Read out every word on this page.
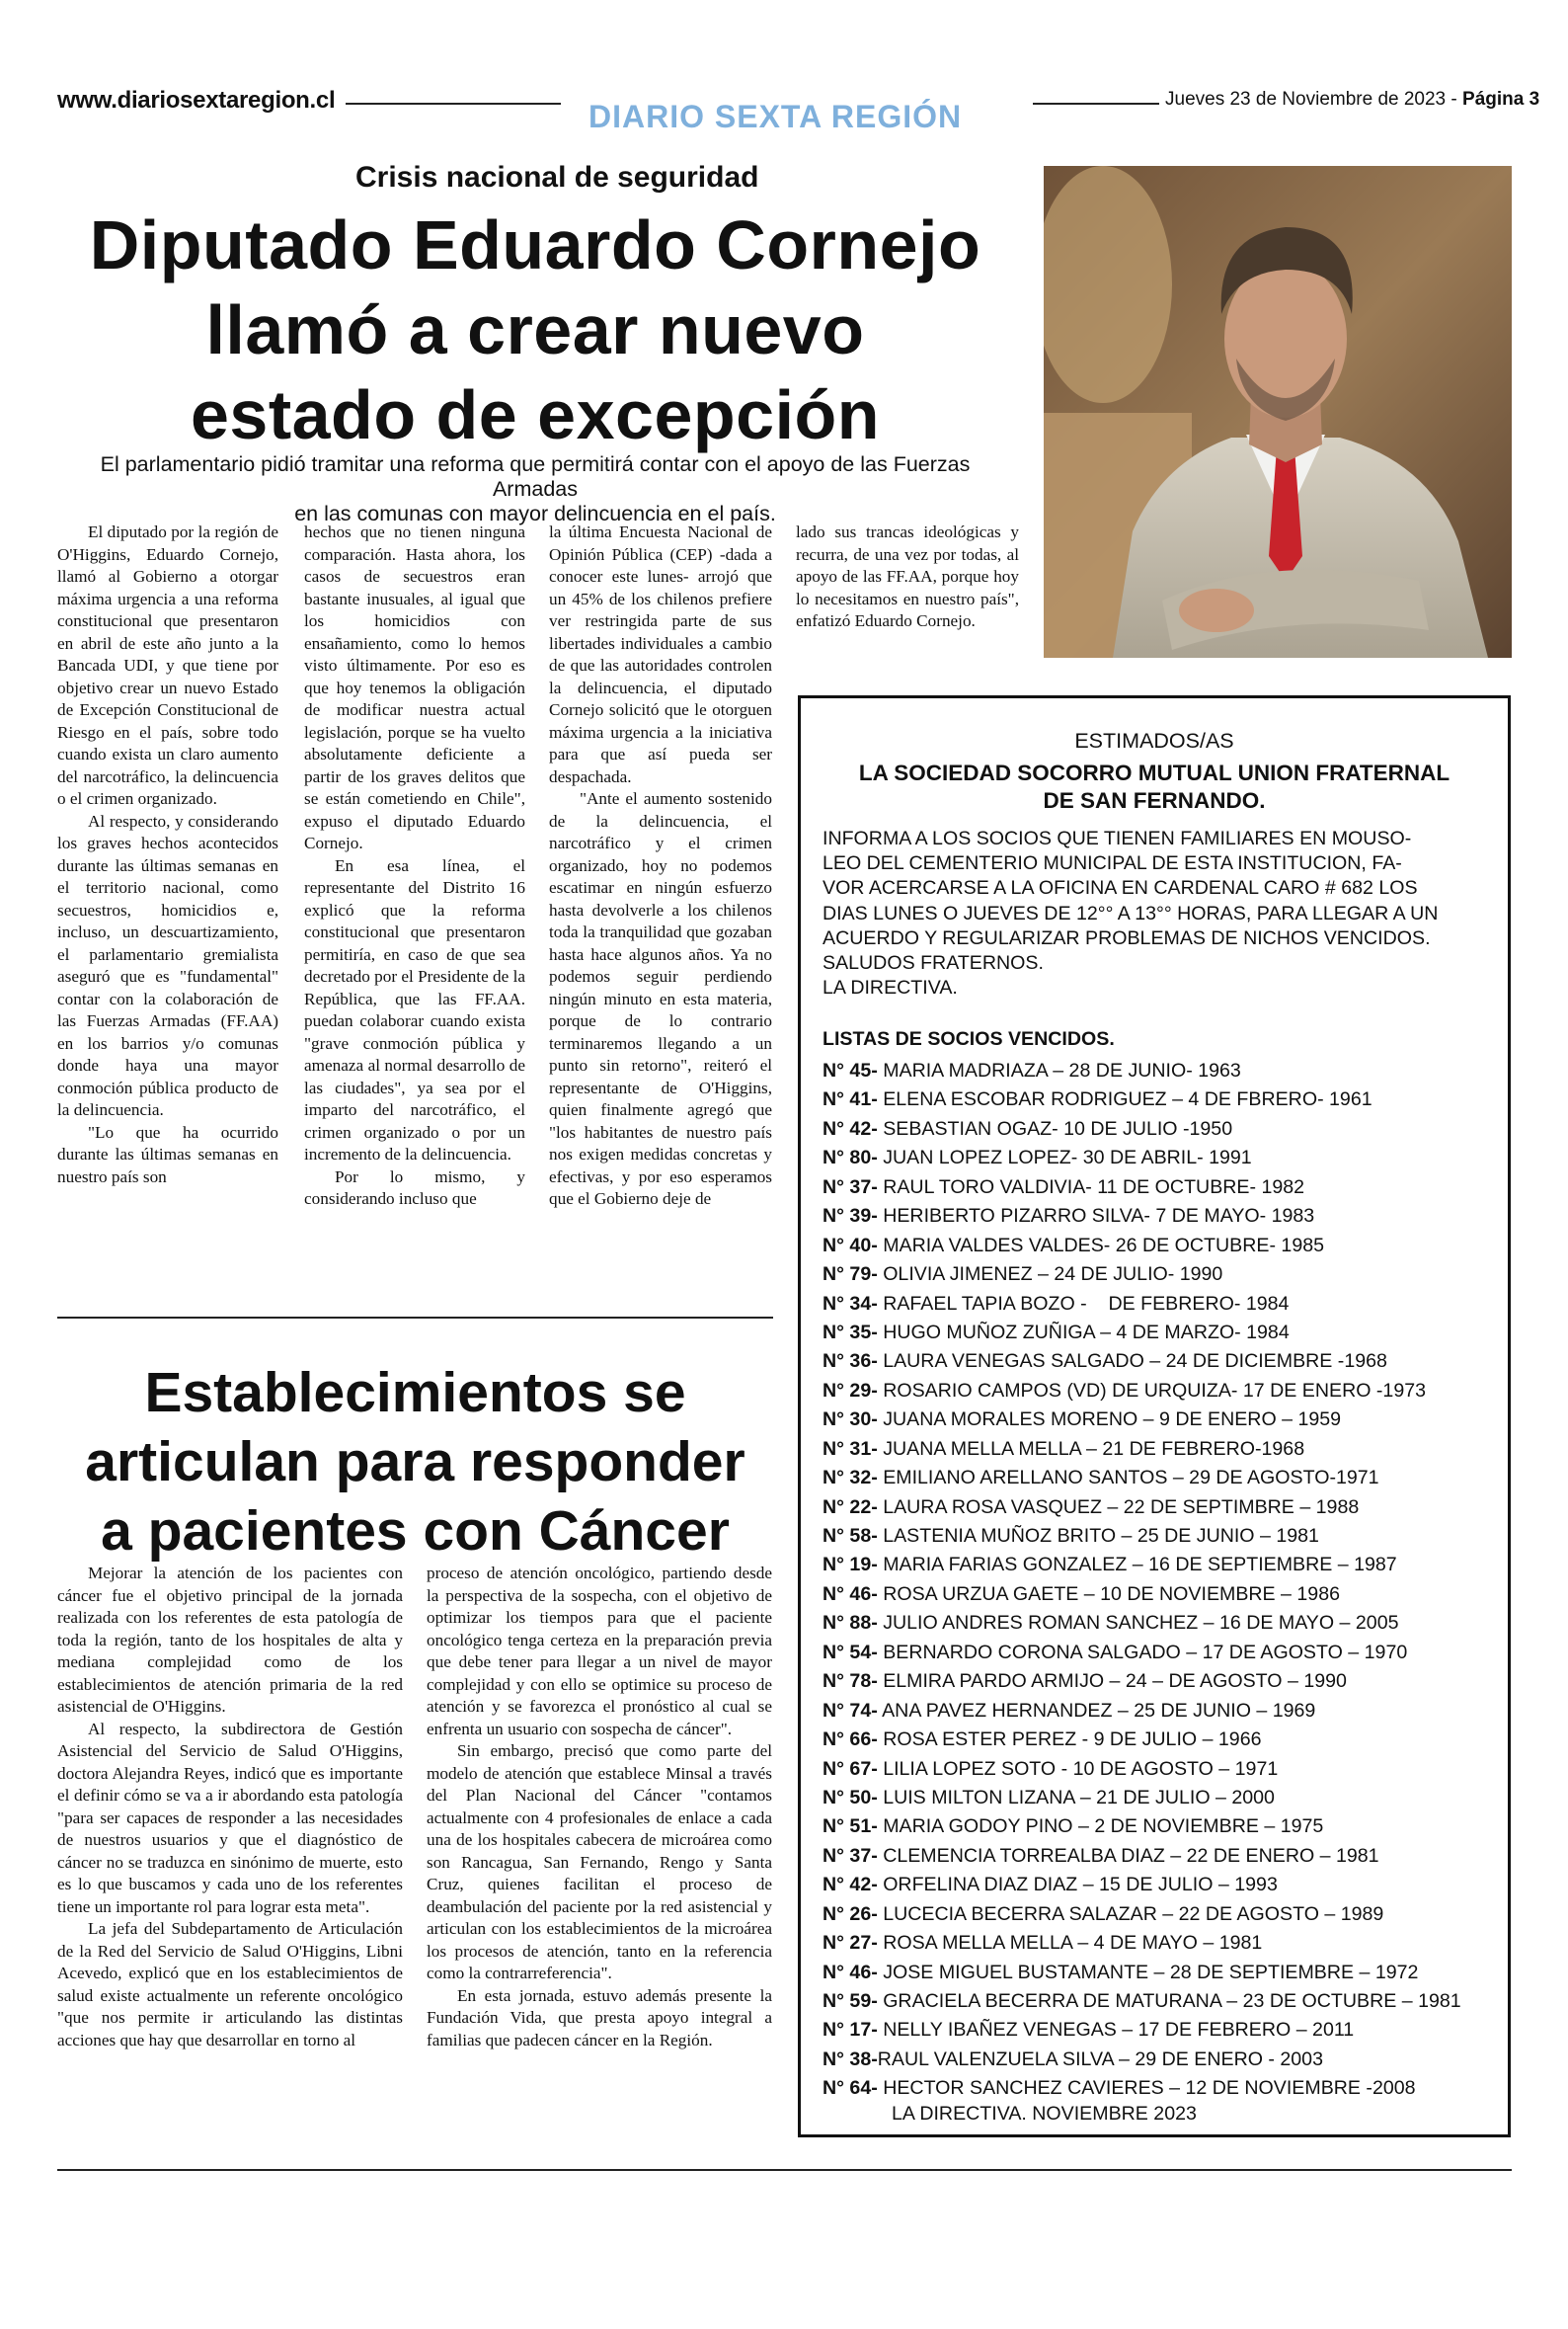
www.diariosextaregion.cl	DIARIO SEXTA REGIÓN	Jueves 23 de Noviembre de 2023 - Página 3
Crisis nacional de seguridad
Diputado Eduardo Cornejo
llamó a crear nuevo
estado de excepción
El parlamentario pidió tramitar una reforma que permitirá contar con el apoyo de las Fuerzas Armadas
en las comunas con mayor delincuencia en el país.

El diputado por la región de O'Higgins, Eduardo Cornejo, llamó al Gobierno a otorgar máxima urgencia a una reforma constitucional que presentaron en abril de este año junto a la Bancada UDI, y que tiene por objetivo crear un nuevo Estado de Excepción Constitucional de Riesgo en el país, sobre todo cuando exista un claro aumento del narcotráfico, la delincuencia o el crimen organizado.

Al respecto, y considerando los graves hechos acontecidos durante las últimas semanas en el territorio nacional, como secuestros, homicidios e, incluso, un descuartizamiento, el parlamentario gremialista aseguró que es "fundamental" contar con la colaboración de las Fuerzas Armadas (FF.AA) en los barrios y/o comunas donde haya una mayor conmoción pública producto de la delincuencia.

"Lo que ha ocurrido durante las últimas semanas en nuestro país son

hechos que no tienen ninguna comparación. Hasta ahora, los casos de secuestros eran bastante inusuales, al igual que los homicidios con ensañamiento, como lo hemos visto últimamente. Por eso es que hoy tenemos la obligación de modificar nuestra actual legislación, porque se ha vuelto absolutamente deficiente a partir de los graves delitos que se están cometiendo en Chile", expuso el diputado Eduardo Cornejo.

En esa línea, el representante del Distrito 16 explicó que la reforma constitucional que presentaron permitiría, en caso de que sea decretado por el Presidente de la República, que las FF.AA. puedan colaborar cuando exista "grave conmoción pública y amenaza al normal desarrollo de las ciudades", ya sea por el imparto del narcotráfico, el crimen organizado o por un incremento de la delincuencia.

Por lo mismo, y considerando incluso que

la última Encuesta Nacional de Opinión Pública (CEP) -dada a conocer este lunes- arrojó que un 45% de los chilenos prefiere ver restringida parte de sus libertades individuales a cambio de que las autoridades controlen la delincuencia, el diputado Cornejo solicitó que le otorguen máxima urgencia a la iniciativa para que así pueda ser despachada.

"Ante el aumento sostenido de la delincuencia, el narcotráfico y el crimen organizado, hoy no podemos escatimar en ningún esfuerzo hasta devolverle a los chilenos toda la tranquilidad que gozaban hasta hace algunos años. Ya no podemos seguir perdiendo ningún minuto en esta materia, porque de lo contrario terminaremos llegando a un punto sin retorno", reiteró el representante de O'Higgins, quien finalmente agregó que "los habitantes de nuestro país nos exigen medidas concretas y efectivas, y por eso esperamos que el Gobierno deje de

lado sus trancas ideológicas y recurra, de una vez por todas, al apoyo de las FF.AA, porque hoy lo necesitamos en nuestro país", enfatizó Eduardo Cornejo.

Establecimientos se
articulan para responder
a pacientes con Cáncer

Mejorar la atención de los pacientes con cáncer fue el objetivo principal de la jornada realizada con los referentes de esta patología de toda la región, tanto de los hospitales de alta y mediana complejidad como de los establecimientos de atención primaria de la red asistencial de O'Higgins.

Al respecto, la subdirectora de Gestión Asistencial del Servicio de Salud O'Higgins, doctora Alejandra Reyes, indicó que es importante el definir cómo se va a ir abordando esta patología "para ser capaces de responder a las necesidades de nuestros usuarios y que el diagnóstico de cáncer no se traduzca en sinónimo de muerte, esto es lo que buscamos y cada uno de los referentes tiene un importante rol para lograr esta meta".

La jefa del Subdepartamento de Articulación de la Red del Servicio de Salud O'Higgins, Libni Acevedo, explicó que en los establecimientos de salud existe actualmente un referente oncológico "que nos permite ir articulando las distintas acciones que hay que desarrollar en torno al

proceso de atención oncológico, partiendo desde la perspectiva de la sospecha, con el objetivo de optimizar los tiempos para que el paciente oncológico tenga certeza en la preparación previa que debe tener para llegar a un nivel de mayor complejidad y con ello se optimice su proceso de atención y se favorezca el pronóstico al cual se enfrenta un usuario con sospecha de cáncer".

Sin embargo, precisó que como parte del modelo de atención que establece Minsal a través del Plan Nacional del Cáncer "contamos actualmente con 4 profesionales de enlace a cada una de los hospitales cabecera de microárea como son Rancagua, San Fernando, Rengo y Santa Cruz, quienes facilitan el proceso de deambulación del paciente por la red asistencial y articulan con los establecimientos de la microárea los procesos de atención, tanto en la referencia como la contrarreferencia".

En esta jornada, estuvo además presente la Fundación Vida, que presta apoyo integral a familias que padecen cáncer en la Región.

ESTIMADOS/AS
LA SOCIEDAD SOCORRO MUTUAL UNION FRATERNAL
DE SAN FERNANDO.
INFORMA A LOS SOCIOS QUE TIENEN FAMILIARES EN MOUSO-
LEO DEL CEMENTERIO MUNICIPAL DE ESTA INSTITUCION, FA-
VOR ACERCARSE A LA OFICINA EN CARDENAL CARO # 682 LOS
DIAS LUNES O JUEVES DE 12°° A 13°° HORAS, PARA LLEGAR A UN
ACUERDO Y REGULARIZAR PROBLEMAS DE NICHOS VENCIDOS.
SALUDOS FRATERNOS.
LA DIRECTIVA.
LISTAS DE SOCIOS VENCIDOS.
N° 45- MARIA MADRIAZA – 28 DE JUNIO- 1963
N° 41- ELENA ESCOBAR RODRIGUEZ – 4 DE FBRERO- 1961
N° 42- SEBASTIAN OGAZ- 10 DE JULIO -1950
N° 80- JUAN LOPEZ LOPEZ- 30 DE ABRIL- 1991
N° 37- RAUL TORO VALDIVIA- 11 DE OCTUBRE- 1982
N° 39- HERIBERTO PIZARRO SILVA- 7 DE MAYO- 1983
N° 40- MARIA VALDES VALDES- 26 DE OCTUBRE- 1985
N° 79- OLIVIA JIMENEZ – 24 DE JULIO- 1990
N° 34- RAFAEL TAPIA BOZO -    DE FEBRERO- 1984
N° 35- HUGO MUÑOZ ZUÑIGA – 4 DE MARZO- 1984
N° 36- LAURA VENEGAS SALGADO – 24 DE DICIEMBRE -1968
N° 29- ROSARIO CAMPOS (VD) DE URQUIZA- 17 DE ENERO -1973
N° 30- JUANA MORALES MORENO – 9 DE ENERO – 1959
N° 31- JUANA MELLA MELLA – 21 DE FEBRERO-1968
N° 32- EMILIANO ARELLANO SANTOS – 29 DE AGOSTO-1971
N° 22- LAURA ROSA VASQUEZ – 22 DE SEPTIMBRE – 1988
N° 58- LASTENIA MUÑOZ BRITO – 25 DE JUNIO – 1981
N° 19- MARIA FARIAS GONZALEZ – 16 DE SEPTIEMBRE – 1987
N° 46- ROSA URZUA GAETE – 10 DE NOVIEMBRE – 1986
N° 88- JULIO ANDRES ROMAN SANCHEZ – 16 DE MAYO – 2005
N° 54- BERNARDO CORONA SALGADO – 17 DE AGOSTO – 1970
N° 78- ELMIRA PARDO ARMIJO – 24 – DE AGOSTO – 1990
N° 74- ANA PAVEZ HERNANDEZ – 25 DE JUNIO – 1969
N° 66- ROSA ESTER PEREZ - 9 DE JULIO – 1966
N° 67- LILIA LOPEZ SOTO - 10 DE AGOSTO – 1971
N° 50- LUIS MILTON LIZANA – 21 DE JULIO – 2000
N° 51- MARIA GODOY PINO – 2 DE NOVIEMBRE – 1975
N° 37- CLEMENCIA TORREALBA DIAZ – 22 DE ENERO – 1981
N° 42- ORFELINA DIAZ DIAZ – 15 DE JULIO – 1993
N° 26- LUCECIA BECERRA SALAZAR – 22 DE AGOSTO – 1989
N° 27- ROSA MELLA MELLA – 4 DE MAYO – 1981
N° 46- JOSE MIGUEL BUSTAMANTE – 28 DE SEPTIEMBRE – 1972
N° 59- GRACIELA BECERRA DE MATURANA – 23 DE OCTUBRE – 1981
N° 17- NELLY IBAÑEZ VENEGAS – 17 DE FEBRERO – 2011
N° 38-RAUL VALENZUELA SILVA – 29 DE ENERO - 2003
N° 64- HECTOR SANCHEZ CAVIERES – 12 DE NOVIEMBRE -2008
LA DIRECTIVA. NOVIEMBRE 2023
